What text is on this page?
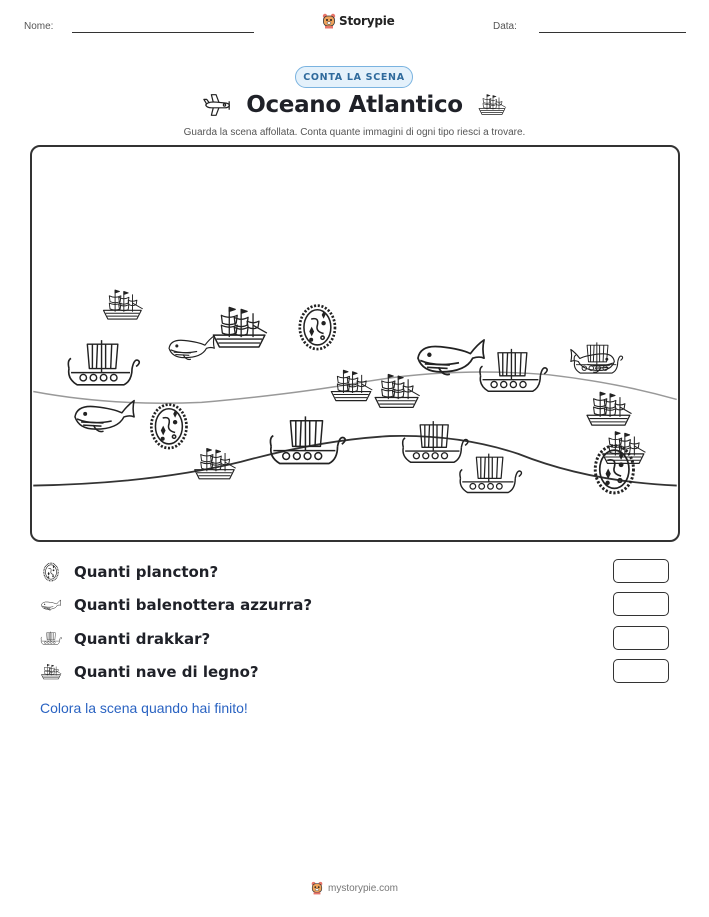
Nome:	Storypie	Data:
CONTA LA SCENA
Oceano Atlantico
Guarda la scena affollata. Conta quante immagini di ogni tipo riesci a trovare.
Quanti plancton?
Quanti balenottera azzurra?
Quanti drakkar?
Quanti nave di legno?
Colora la scena quando hai finito!
mystorypie.com
